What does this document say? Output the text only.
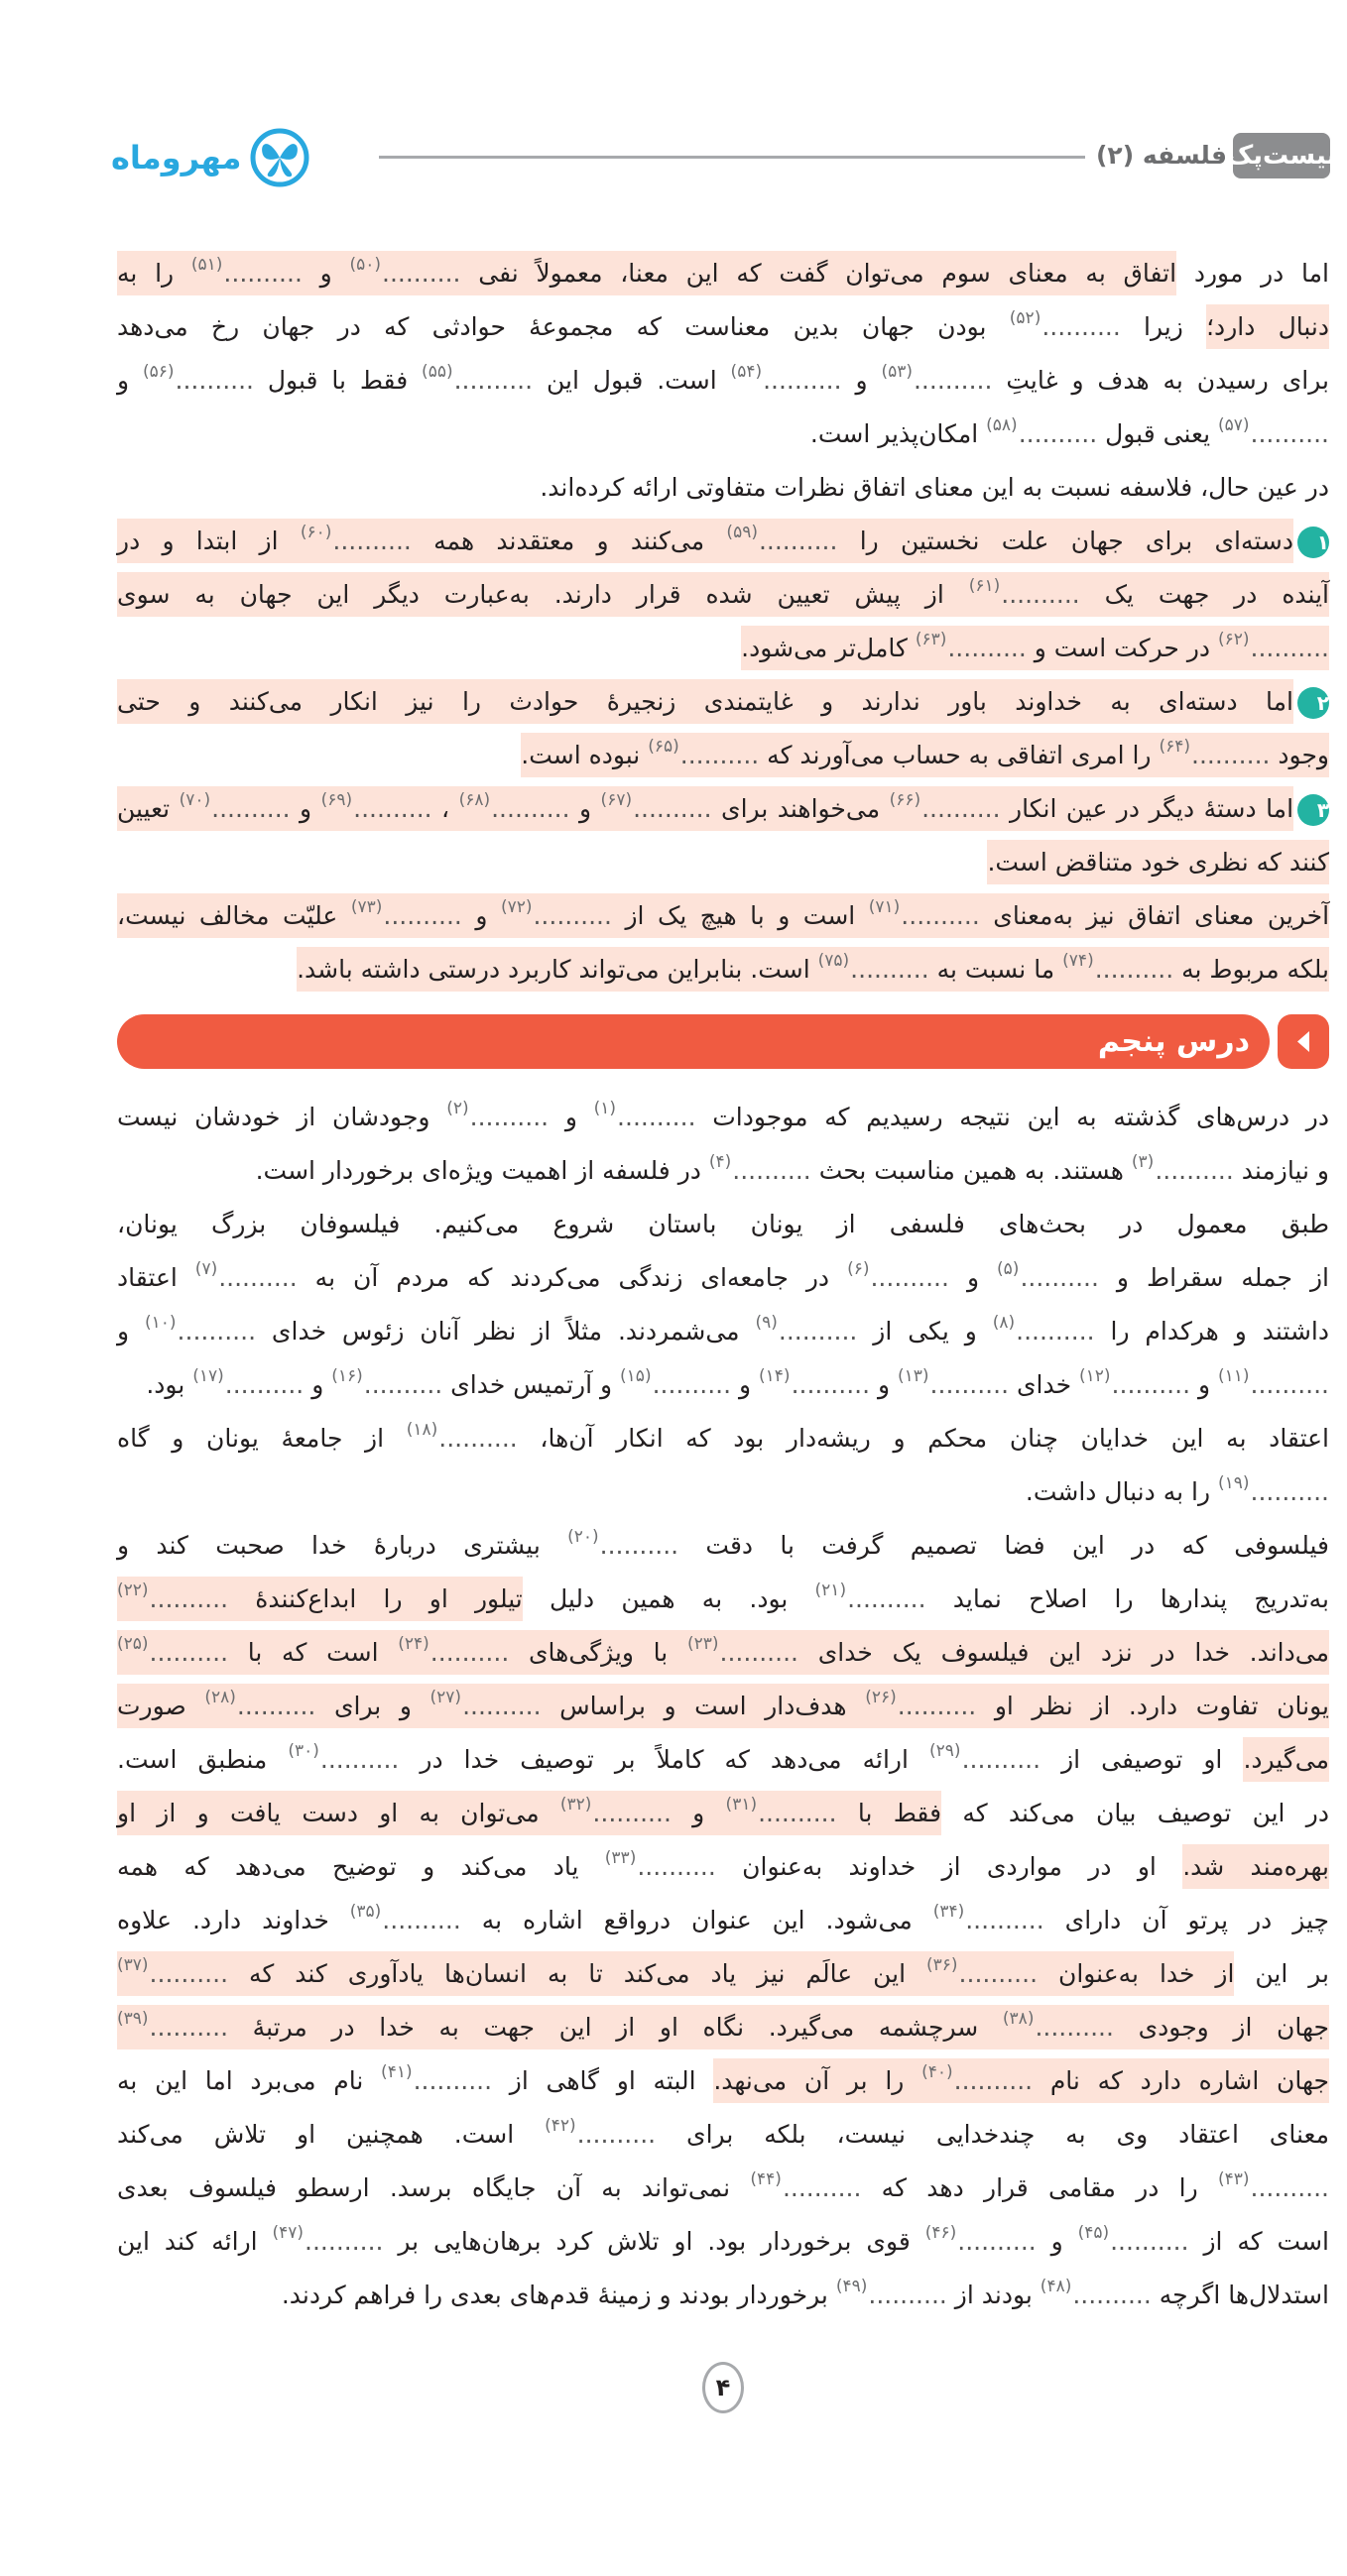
بیست‌پک
فلسفه (۲)
مهروماه
اما در مورد اتفاق به معنای سوم می‌توان گفت که این معنا، معمولاً نفی ..........$^{(۵۰)}$ و ..........$^{(۵۱)}$ را به
دنبال دارد؛ زیرا ..........$^{(۵۲)}$ بودن جهان بدین معناست که مجموعهٔ حوادثی که در جهان رخ می‌دهد
برای رسیدن به هدف و غایتِ ..........$^{(۵۳)}$ و ..........$^{(۵۴)}$ است. قبول این ..........$^{(۵۵)}$ فقط با قبول ..........$^{(۵۶)}$ و
..........$^{(۵۷)}$ یعنی قبول ..........$^{(۵۸)}$ امکان‌پذیر است.
در عین حال، فلاسفه نسبت به این معنای اتفاق نظرات متفاوتی ارائه کرده‌اند.
۱دسته‌ای برای جهان علت نخستین را ..........$^{(۵۹)}$ می‌کنند و معتقدند همه ..........$^{(۶۰)}$ از ابتدا و در
آینده در جهت یک ..........$^{(۶۱)}$ از پیش تعیین شده قرار دارند. به‌عبارت دیگر این جهان به سوی
..........$^{(۶۲)}$ در حرکت است و ..........$^{(۶۳)}$ کامل‌تر می‌شود.
۲اما دسته‌ای به خداوند باور ندارند و غایتمندی زنجیرهٔ حوادث را نیز انکار می‌کنند و حتی
وجود ..........$^{(۶۴)}$ را امری اتفاقی به حساب می‌آورند که ..........$^{(۶۵)}$ نبوده است.
۳اما دستهٔ دیگر در عین انکار ..........$^{(۶۶)}$ می‌خواهند برای ..........$^{(۶۷)}$ و ..........$^{(۶۸)}$ ، ..........$^{(۶۹)}$ و ..........$^{(۷۰)}$ تعیین
کنند که نظری خود متناقض است.
آخرین معنای اتفاق نیز به‌معنای ..........$^{(۷۱)}$ است و با هیچ یک از ..........$^{(۷۲)}$ و ..........$^{(۷۳)}$ علیّت مخالف نیست،
بلکه مربوط به ..........$^{(۷۴)}$ ما نسبت به ..........$^{(۷۵)}$ است. بنابراین می‌تواند کاربرد درستی داشته باشد.
درس پنجم
در درس‌های گذشته به این نتیجه رسیدیم که موجودات ..........$^{(۱)}$ و ..........$^{(۲)}$ وجودشان از خودشان نیست
و نیازمند ..........$^{(۳)}$ هستند. به همین مناسبت بحث ..........$^{(۴)}$ در فلسفه از اهمیت ویژه‌ای برخوردار است.
طبق معمول در بحث‌های فلسفی از یونان باستان شروع می‌کنیم. فیلسوفان بزرگ یونان،
از جمله سقراط و ..........$^{(۵)}$ و ..........$^{(۶)}$ در جامعه‌ای زندگی می‌کردند که مردم آن به ..........$^{(۷)}$ اعتقاد
داشتند و هرکدام را ..........$^{(۸)}$ و یکی از ..........$^{(۹)}$ می‌شمردند. مثلاً از نظر آنان زئوس خدای ..........$^{(۱۰)}$ و
..........$^{(۱۱)}$ و ..........$^{(۱۲)}$ خدای ..........$^{(۱۳)}$ و ..........$^{(۱۴)}$ و ..........$^{(۱۵)}$ و آرتمیس خدای ..........$^{(۱۶)}$ و ..........$^{(۱۷)}$ بود.
اعتقاد به این خدایان چنان محکم و ریشه‌دار بود که انکار آن‌ها، ..........$^{(۱۸)}$ از جامعهٔ یونان و گاه
..........$^{(۱۹)}$ را به دنبال داشت.
فیلسوفی که در این فضا تصمیم گرفت با دقت ..........$^{(۲۰)}$ بیشتری دربارهٔ خدا صحبت کند و
به‌تدریج پندارها را اصلاح نماید ..........$^{(۲۱)}$ بود. به همین دلیل تیلور او را ابداع‌کنندهٔ ..........$^{(۲۲)}$
می‌داند. خدا در نزد این فیلسوف یک خدای ..........$^{(۲۳)}$ با ویژگی‌های ..........$^{(۲۴)}$ است که با ..........$^{(۲۵)}$
یونان تفاوت دارد. از نظر او ..........$^{(۲۶)}$ هدف‌دار است و براساس ..........$^{(۲۷)}$ و برای ..........$^{(۲۸)}$ صورت
می‌گیرد. او توصیفی از ..........$^{(۲۹)}$ ارائه می‌دهد که کاملاً بر توصیف خدا در ..........$^{(۳۰)}$ منطبق است.
در این توصیف بیان می‌کند که فقط با ..........$^{(۳۱)}$ و ..........$^{(۳۲)}$ می‌توان به او دست یافت و از او
بهره‌مند شد. او در مواردی از خداوند به‌عنوان ..........$^{(۳۳)}$ یاد می‌کند و توضیح می‌دهد که همه
چیز در پرتو آن دارای ..........$^{(۳۴)}$ می‌شود. این عنوان درواقع اشاره به ..........$^{(۳۵)}$ خداوند دارد. علاوه
بر این از خدا به‌عنوان ..........$^{(۳۶)}$ این عالَم نیز یاد می‌کند تا به انسان‌ها یادآوری کند که ..........$^{(۳۷)}$
جهان از وجودی ..........$^{(۳۸)}$ سرچشمه می‌گیرد. نگاه او از این جهت به خدا در مرتبهٔ ..........$^{(۳۹)}$
جهان اشاره دارد که نام ..........$^{(۴۰)}$ را بر آن می‌نهد. البته او گاهی از ..........$^{(۴۱)}$ نام می‌برد اما این به
معنای اعتقاد وی به چندخدایی نیست، بلکه برای ..........$^{(۴۲)}$ است. همچنین او تلاش می‌کند
..........$^{(۴۳)}$ را در مقامی قرار دهد که ..........$^{(۴۴)}$ نمی‌تواند به آن جایگاه برسد. ارسطو فیلسوف بعدی
است که از ..........$^{(۴۵)}$ و ..........$^{(۴۶)}$ قوی برخوردار بود. او تلاش کرد برهان‌هایی بر ..........$^{(۴۷)}$ ارائه کند این
استدلال‌ها اگرچه ..........$^{(۴۸)}$ بودند از ..........$^{(۴۹)}$ برخوردار بودند و زمینهٔ قدم‌های بعدی را فراهم کردند.
۴
